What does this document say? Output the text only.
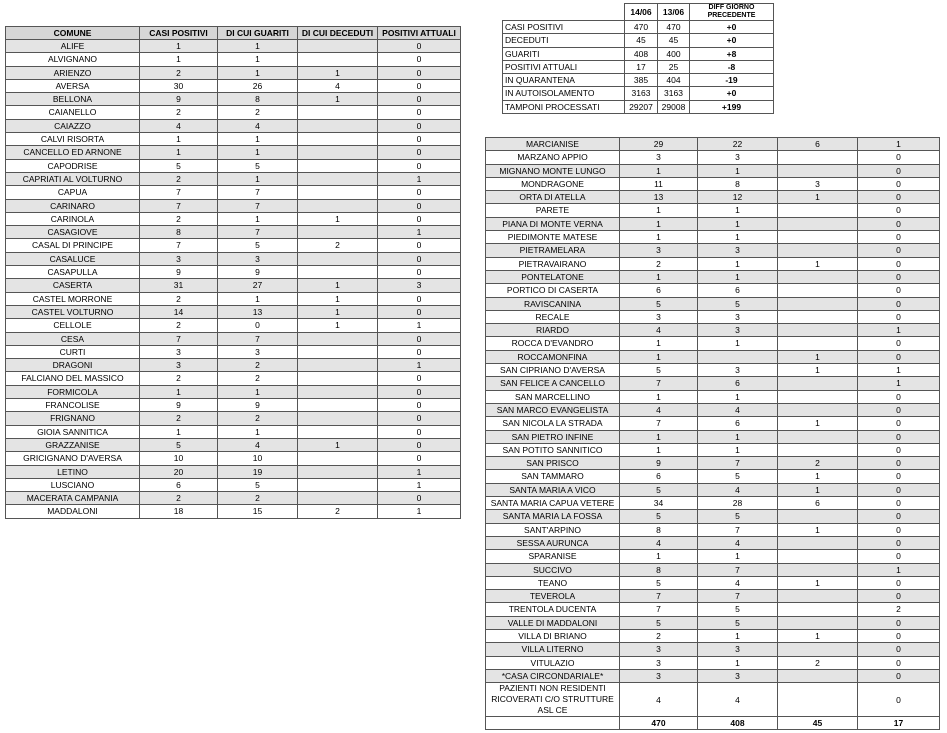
COMUNE	CASI POSITIVI	DI CUI GUARITI	DI CUI DECEDUTI	POSITIVI ATTUALI
ALIFE	1	1		0
ALVIGNANO	1	1		0
ARIENZO	2	1	1	0
AVERSA	30	26	4	0
BELLONA	9	8	1	0
CAIANELLO	2	2		0
CAIAZZO	4	4		0
CALVI RISORTA	1	1		0
CANCELLO ED ARNONE	1	1		0
CAPODRISE	5	5		0
CAPRIATI AL VOLTURNO	2	1		1
CAPUA	7	7		0
CARINARO	7	7		0
CARINOLA	2	1	1	0
CASAGIOVE	8	7		1
CASAL DI PRINCIPE	7	5	2	0
CASALUCE	3	3		0
CASAPULLA	9	9		0
CASERTA	31	27	1	3
CASTEL MORRONE	2	1	1	0
CASTEL VOLTURNO	14	13	1	0
CELLOLE	2	0	1	1
CESA	7	7		0
CURTI	3	3		0
DRAGONI	3	2		1
FALCIANO DEL MASSICO	2	2		0
FORMICOLA	1	1		0
FRANCOLISE	9	9		0
FRIGNANO	2	2		0
GIOIA SANNITICA	1	1		0
GRAZZANISE	5	4	1	0
GRICIGNANO D'AVERSA	10	10		0
LETINO	20	19		1
LUSCIANO	6	5		1
MACERATA CAMPANIA	2	2		0
MADDALONI	18	15	2	1
	14/06	13/06	DIFF GIORNO PRECEDENTE
CASI POSITIVI	470	470	+0
DECEDUTI	45	45	+0
GUARITI	408	400	+8
POSITIVI ATTUALI	17	25	-8
IN QUARANTENA	385	404	-19
IN AUTOISOLAMENTO	3163	3163	+0
TAMPONI PROCESSATI	29207	29008	+199
MARCIANISE	29	22	6	1
MARZANO APPIO	3	3		0
MIGNANO MONTE LUNGO	1	1		0
MONDRAGONE	11	8	3	0
ORTA DI ATELLA	13	12	1	0
PARETE	1	1		0
PIANA DI MONTE VERNA	1	1		0
PIEDIMONTE MATESE	1	1		0
PIETRAMELARA	3	3		0
PIETRAVAIRANO	2	1	1	0
PONTELATONE	1	1		0
PORTICO DI CASERTA	6	6		0
RAVISCANINA	5	5		0
RECALE	3	3		0
RIARDO	4	3		1
ROCCA D'EVANDRO	1	1		0
ROCCAMONFINA	1		1	0
SAN CIPRIANO D'AVERSA	5	3	1	1
SAN FELICE A CANCELLO	7	6		1
SAN MARCELLINO	1	1		0
SAN MARCO EVANGELISTA	4	4		0
SAN NICOLA LA STRADA	7	6	1	0
SAN PIETRO INFINE	1	1		0
SAN POTITO SANNITICO	1	1		0
SAN PRISCO	9	7	2	0
SAN TAMMARO	6	5	1	0
SANTA MARIA A VICO	5	4	1	0
SANTA MARIA CAPUA VETERE	34	28	6	0
SANTA MARIA LA FOSSA	5	5		0
SANT'ARPINO	8	7	1	0
SESSA AURUNCA	4	4		0
SPARANISE	1	1		0
SUCCIVO	8	7		1
TEANO	5	4	1	0
TEVEROLA	7	7		0
TRENTOLA DUCENTA	7	5		2
VALLE DI MADDALONI	5	5		0
VILLA DI BRIANO	2	1	1	0
VILLA LITERNO	3	3		0
VITULAZIO	3	1	2	0
*CASA CIRCONDARIALE*	3	3		0
PAZIENTI NON RESIDENTI RICOVERATI C/O STRUTTURE ASL CE	4	4		0
	470	408	45	17
